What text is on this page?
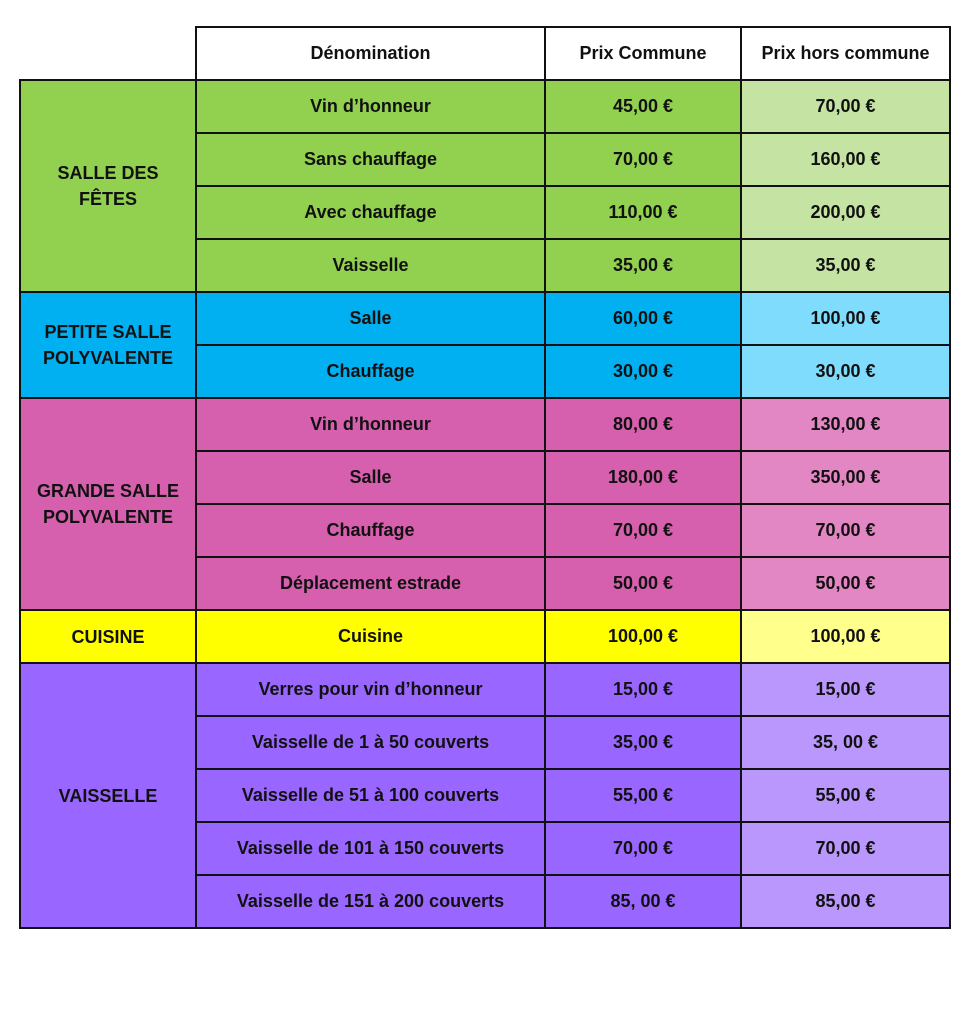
	Dénomination	Prix Commune	Prix hors commune
SALLE DES
FÊTES	Vin d’honneur	45,00 €	70,00 €
	Sans chauffage	70,00 €	160,00 €
	Avec chauffage	110,00 €	200,00 €
	Vaisselle	35,00 €	35,00 €
PETITE SALLE
POLYVALENTE	Salle	60,00 €	100,00 €
	Chauffage	30,00 €	30,00 €
GRANDE SALLE
POLYVALENTE	Vin d’honneur	80,00 €	130,00 €
	Salle	180,00 €	350,00 €
	Chauffage	70,00 €	70,00 €
	Déplacement estrade	50,00 €	50,00 €
CUISINE	Cuisine	100,00 €	100,00 €
VAISSELLE	Verres pour vin d’honneur	15,00 €	15,00 €
	Vaisselle de 1 à 50 couverts	35,00 €	35, 00 €
	Vaisselle de 51 à 100 couverts	55,00 €	55,00 €
	Vaisselle de 101 à 150 couverts	70,00 €	70,00 €
	Vaisselle de 151 à 200 couverts	85, 00 €	85,00 €
